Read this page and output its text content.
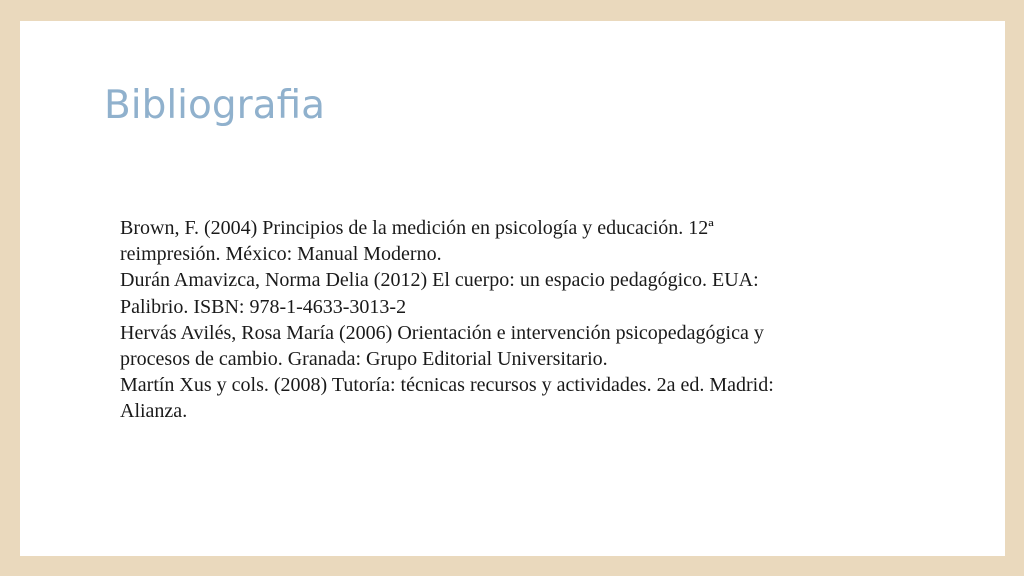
Bibliografia
Brown, F. (2004) Principios de la medición en psicología y educación. 12ª
reimpresión. México: Manual Moderno.
Durán Amavizca, Norma Delia (2012) El cuerpo: un espacio pedagógico. EUA:
Palibrio. ISBN: 978-1-4633-3013-2
Hervás Avilés, Rosa María (2006) Orientación e intervención psicopedagógica y
procesos de cambio. Granada: Grupo Editorial Universitario.
Martín Xus y cols. (2008) Tutoría: técnicas recursos y actividades. 2a ed. Madrid:
Alianza.
